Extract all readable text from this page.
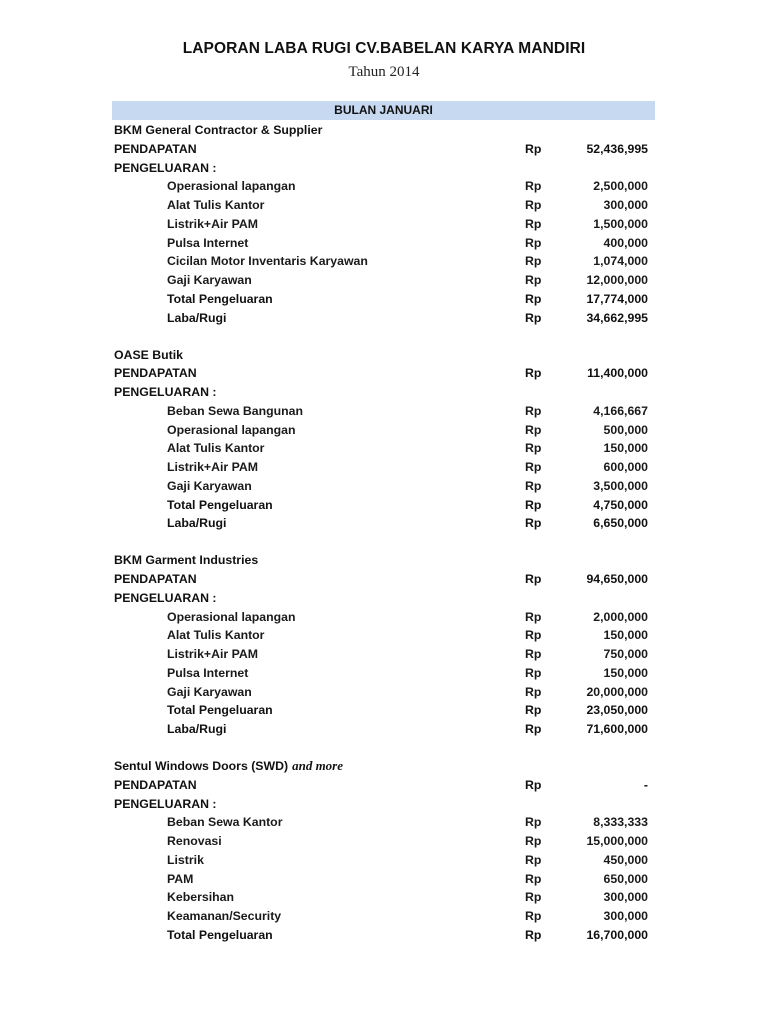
LAPORAN LABA RUGI CV.BABELAN KARYA MANDIRI
Tahun 2014
BULAN JANUARI
BKM General Contractor & Supplier
PENDAPATAN	Rp	52,436,995
PENGELUARAN :
Operasional lapangan	Rp	2,500,000
Alat Tulis Kantor	Rp	300,000
Listrik+Air PAM	Rp	1,500,000
Pulsa Internet	Rp	400,000
Cicilan Motor Inventaris Karyawan	Rp	1,074,000
Gaji Karyawan	Rp	12,000,000
Total Pengeluaran	Rp	17,774,000
Laba/Rugi	Rp	34,662,995
OASE Butik
PENDAPATAN	Rp	11,400,000
PENGELUARAN :
Beban Sewa Bangunan	Rp	4,166,667
Operasional lapangan	Rp	500,000
Alat Tulis Kantor	Rp	150,000
Listrik+Air PAM	Rp	600,000
Gaji Karyawan	Rp	3,500,000
Total Pengeluaran	Rp	4,750,000
Laba/Rugi	Rp	6,650,000
BKM Garment Industries
PENDAPATAN	Rp	94,650,000
PENGELUARAN :
Operasional lapangan	Rp	2,000,000
Alat Tulis Kantor	Rp	150,000
Listrik+Air PAM	Rp	750,000
Pulsa Internet	Rp	150,000
Gaji Karyawan	Rp	20,000,000
Total Pengeluaran	Rp	23,050,000
Laba/Rugi	Rp	71,600,000
Sentul Windows Doors (SWD) and more
PENDAPATAN	Rp	-
PENGELUARAN :
Beban Sewa Kantor	Rp	8,333,333
Renovasi	Rp	15,000,000
Listrik	Rp	450,000
PAM	Rp	650,000
Kebersihan	Rp	300,000
Keamanan/Security	Rp	300,000
Total Pengeluaran	Rp	16,700,000
